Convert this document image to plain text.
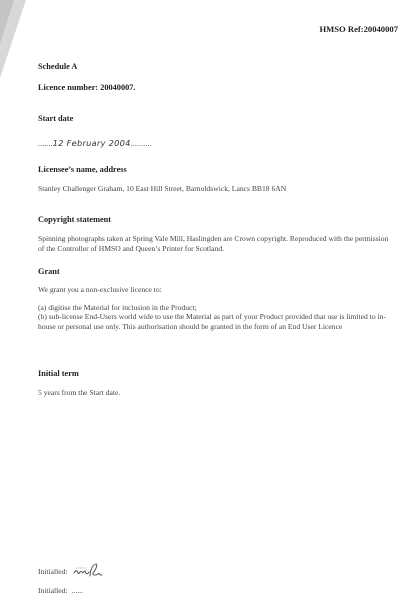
HMSO Ref:20040007

Schedule A

Licence number: 20040007.

Start date

.......12 February 2004..........

Licensee’s name, address

Stanley Challenger Graham, 10 East Hill Street, Barnoldswick, Lancs BB18 6AN

Copyright statement

Spinning photographs taken at Spring Vale Mill, Haslingden are Crown copyright. Reproduced with the permission of the Controller of HMSO and Queen’s Printer for Scotland.

Grant

We grant you a non-exclusive licence to:

(a) digitise the Material for inclusion in the Product;

(b) sub-license End-Users world wide to use the Material as part of your Product provided that use is limited to in-house or personal use only. This authorisation should be granted in the form of an End User Licence

Initial term

5 years from the Start date.

Initialled:
Initialled: ......
